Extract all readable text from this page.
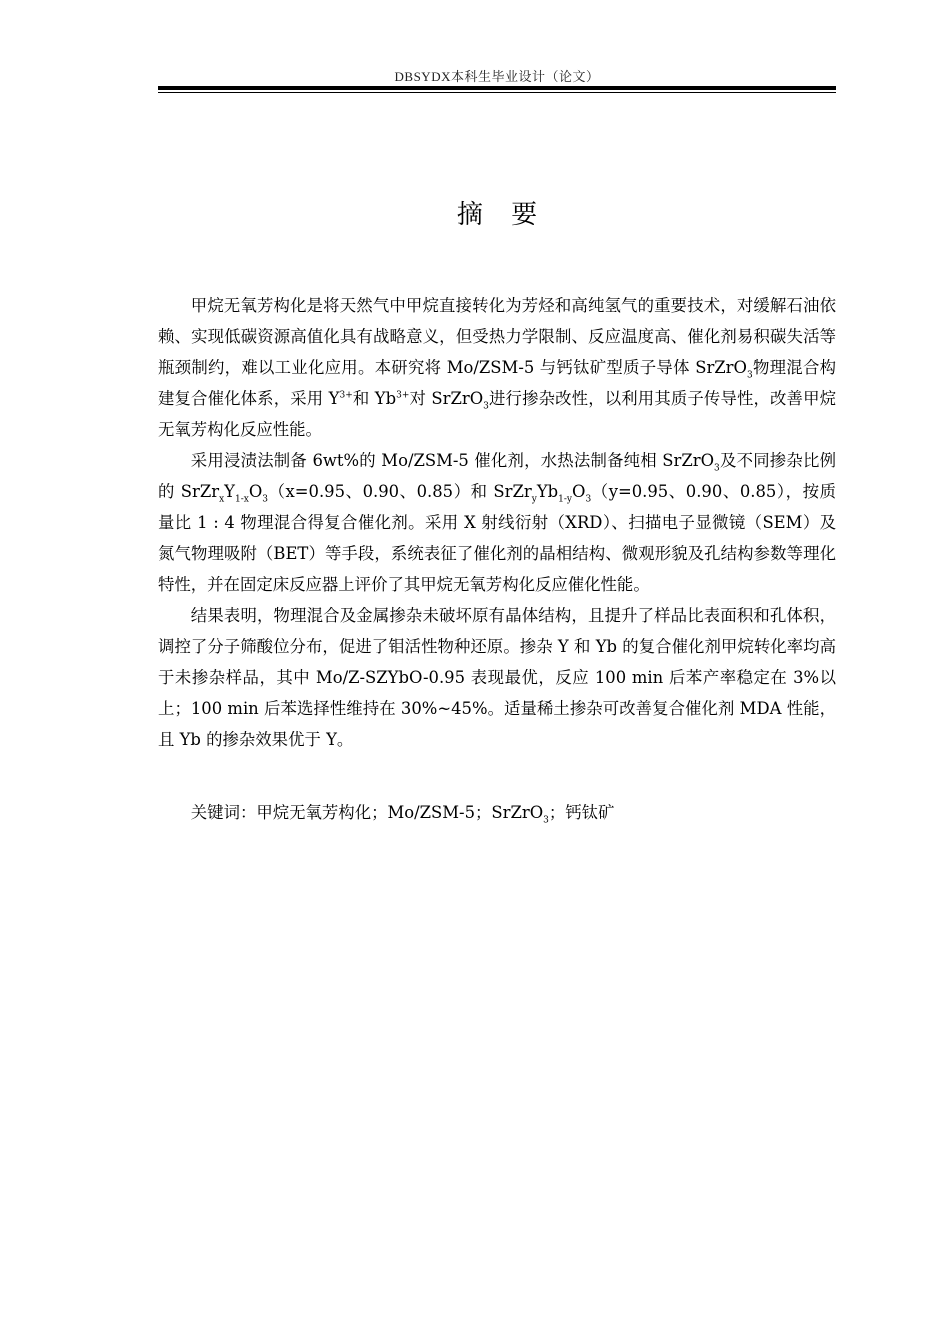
DBSYDX本科生毕业设计（论文）
摘 要

甲烷无氧芳构化是将天然气中甲烷直接转化为芳烃和高纯氢气的重要技术，对缓解石油依赖、实现低碳资源高值化具有战略意义，但受热力学限制、反应温度高、催化剂易积碳失活等瓶颈制约，难以工业化应用。本研究将 Mo/ZSM-5 与钙钛矿型质子导体 SrZrO$_3$物理混合构建复合催化体系，采用 $Y^{3+}$和 $Yb^{3+}$对 SrZrO$_3$进行掺杂改性，以利用其质子传导性，改善甲烷无氧芳构化反应性能。

采用浸渍法制备 6wt%的 Mo/ZSM-5 催化剂，水热法制备纯相 SrZrO$_3$及不同掺杂比例的 $SrZr_xY_{1-x}O_3(x=0.95$、0.90、0.85）和 $SrZr_yYb_{1-y}O_3(y=0.95$、0.90、0.85），按质量比 1 : 4 物理混合得复合催化剂。采用 X 射线衍射（XRD）、扫描电子显微镜（SEM）及氮气物理吸附（BET）等手段，系统表征了催化剂的晶相结构、微观形貌及孔结构参数等理化特性，并在固定床反应器上评价了其甲烷无氧芳构化反应催化性能。

结果表明，物理混合及金属掺杂未破坏原有晶体结构，且提升了样品比表面积和孔体积，调控了分子筛酸位分布，促进了钼活性物种还原。掺杂 Y 和 Yb 的复合催化剂甲烷转化率均高于未掺杂样品，其中 Mo/Z-SZYbO-0.95 表现最优，反应 100 min 后苯产率稳定在 3%以上；100 min 后苯选择性维持在 30%~45%。适量稀土掺杂可改善复合催化剂 MDA 性能，且 Yb 的掺杂效果优于 Y。

关键词：甲烷无氧芳构化；Mo/ZSM-5；SrZrO$_3$；钙钛矿
